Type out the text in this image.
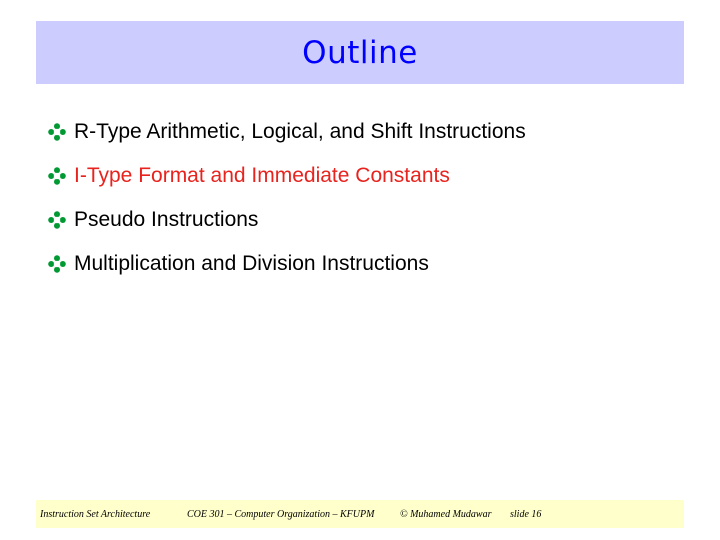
Outline
R-Type Arithmetic, Logical, and Shift Instructions
I-Type Format and Immediate Constants
Pseudo Instructions
Multiplication and Division Instructions
Instruction Set Architecture	COE 301 – Computer Organization – KFUPM	© Muhamed Mudawar slide 16
